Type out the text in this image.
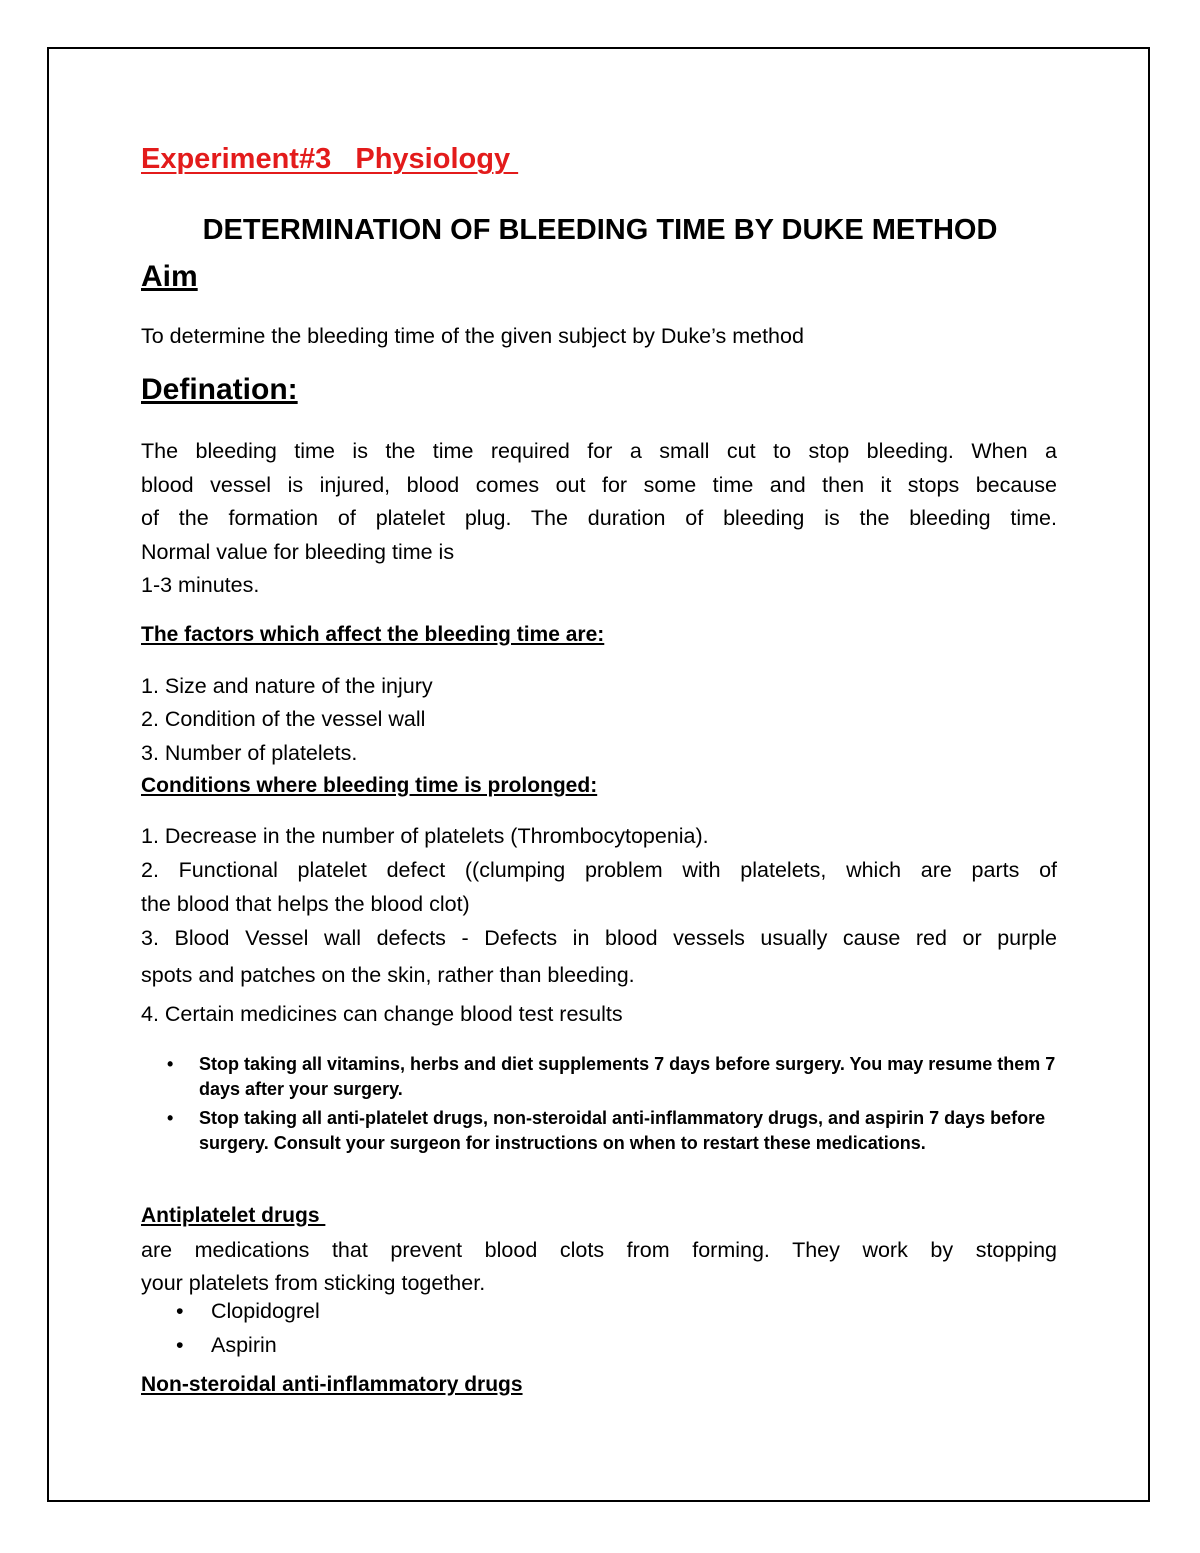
Experiment#3   Physiology
DETERMINATION OF BLEEDING TIME BY DUKE METHOD
Aim
To determine the bleeding time of the given subject by Duke’s method
Defination:
The bleeding time is the time required for a small cut to stop bleeding. When a
blood vessel is injured, blood comes out for some time and then it stops because
of the formation of platelet plug. The duration of bleeding is the bleeding time.
Normal value for bleeding time is
1-3 minutes.
The factors which affect the bleeding time are:
1. Size and nature of the injury
2. Condition of the vessel wall
3. Number of platelets.
Conditions where bleeding time is prolonged:
1. Decrease in the number of platelets (Thrombocytopenia).
2. Functional platelet defect ((clumping problem with platelets, which are parts of
the blood that helps the blood clot)
3. Blood Vessel wall defects - Defects in blood vessels usually cause red or purple
spots and patches on the skin, rather than bleeding.
4. Certain medicines can change blood test results
• Stop taking all vitamins, herbs and diet supplements 7 days before surgery. You may resume them 7 days after your surgery.
• Stop taking all anti-platelet drugs, non-steroidal anti-inflammatory drugs, and aspirin 7 days before surgery. Consult your surgeon for instructions on when to restart these medications.
Antiplatelet drugs
are medications that prevent blood clots from forming. They work by stopping
your platelets from sticking together.
• Clopidogrel
• Aspirin
Non-steroidal anti-inflammatory drugs
